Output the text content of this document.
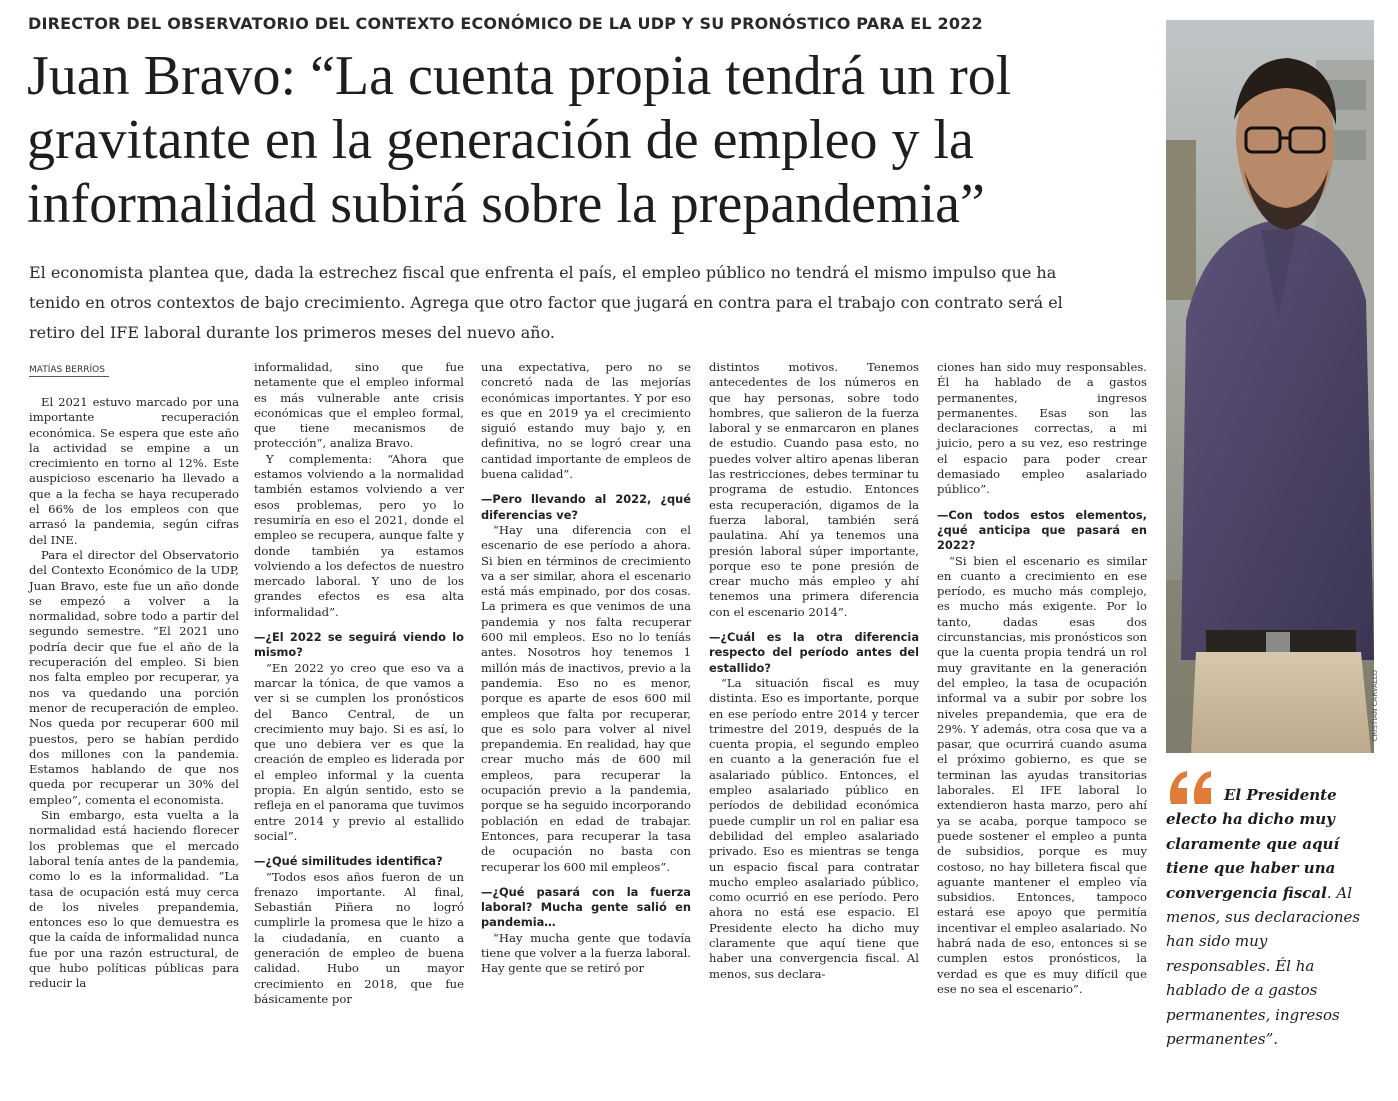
DIRECTOR DEL OBSERVATORIO DEL CONTEXTO ECONÓMICO DE LA UDP Y SU PRONÓSTICO PARA EL 2022
Juan Bravo: “La cuenta propia tendrá un rol
gravitante en la generación de empleo y la
informalidad subirá sobre la prepandemia”

El economista plantea que, dada la estrechez fiscal que enfrenta el país, el empleo público no tendrá el mismo impulso que ha
tenido en otros contextos de bajo crecimiento. Agrega que otro factor que jugará en contra para el trabajo con contrato será el
retiro del IFE laboral durante los primeros meses del nuevo año.

MATÍAS BERRÍOS

El 2021 estuvo marcado por una importante recuperación económica. Se espera que este año la actividad se empine a un crecimiento en torno al 12%. Este auspicioso escenario ha llevado a que a la fecha se haya recuperado el 66% de los empleos con que arrasó la pandemia, según cifras del INE.

Para el director del Observatorio del Contexto Económico de la UDP, Juan Bravo, este fue un año donde se empezó a volver a la normalidad, sobre todo a partir del segundo semestre. “El 2021 uno podría decir que fue el año de la recuperación del empleo. Si bien nos falta empleo por recuperar, ya nos va quedando una porción menor de recuperación de empleo. Nos queda por recuperar 600 mil puestos, pero se habían perdido dos millones con la pandemia. Estamos hablando de que nos queda por recuperar un 30% del empleo”, comenta el economista.

Sin embargo, esta vuelta a la normalidad está haciendo florecer los problemas que el mercado laboral tenía antes de la pandemia, como lo es la informalidad. “La tasa de ocupación está muy cerca de los niveles prepandemia, entonces eso lo que demuestra es que la caída de informalidad nunca fue por una razón estructural, de que hubo políticas públicas para reducir la

informalidad, sino que fue netamente que el empleo informal es más vulnerable ante crisis económicas que el empleo formal, que tiene mecanismos de protección”, analiza Bravo.

Y complementa: “Ahora que estamos volviendo a la normalidad también estamos volviendo a ver esos problemas, pero yo lo resumiría en eso el 2021, donde el empleo se recupera, aunque falte y donde también ya estamos volviendo a los defectos de nuestro mercado laboral. Y uno de los grandes efectos es esa alta informalidad”.

—¿El 2022 se seguirá viendo lo mismo?

“En 2022 yo creo que eso va a marcar la tónica, de que vamos a ver si se cumplen los pronósticos del Banco Central, de un crecimiento muy bajo. Si es así, lo que uno debiera ver es que la creación de empleo es liderada por el empleo informal y la cuenta propia. En algún sentido, esto se refleja en el panorama que tuvimos entre 2014 y previo al estallido social”.

—¿Qué similitudes identifica?

“Todos esos años fueron de un frenazo importante. Al final, Sebastián Piñera no logró cumplirle la promesa que le hizo a la ciudadanía, en cuanto a generación de empleo de buena calidad. Hubo un mayor crecimiento en 2018, que fue básicamente por

una expectativa, pero no se concretó nada de las mejorías económicas importantes. Y por eso es que en 2019 ya el crecimiento siguió estando muy bajo y, en definitiva, no se logró crear una cantidad importante de empleos de buena calidad”.

—Pero llevando al 2022, ¿qué diferencias ve?

“Hay una diferencia con el escenario de ese período a ahora. Si bien en términos de crecimiento va a ser similar, ahora el escenario está más empinado, por dos cosas. La primera es que venimos de una pandemia y nos falta recuperar 600 mil empleos. Eso no lo teníás antes. Nosotros hoy tenemos 1 millón más de inactivos, previo a la pandemia. Eso no es menor, porque es aparte de esos 600 mil empleos que falta por recuperar, que es solo para volver al nivel prepandemia. En realidad, hay que crear mucho más de 600 mil empleos, para recuperar la ocupación previo a la pandemia, porque se ha seguido incorporando población en edad de trabajar. Entonces, para recuperar la tasa de ocupación no basta con recuperar los 600 mil empleos”.

—¿Qué pasará con la fuerza laboral? Mucha gente salió en pandemia…

“Hay mucha gente que todavía tiene que volver a la fuerza laboral. Hay gente que se retiró por

distintos motivos. Tenemos antecedentes de los números en que hay personas, sobre todo hombres, que salieron de la fuerza laboral y se enmarcaron en planes de estudio. Cuando pasa esto, no puedes volver altiro apenas liberan las restricciones, debes terminar tu programa de estudio. Entonces esta recuperación, digamos de la fuerza laboral, también será paulatina. Ahí ya tenemos una presión laboral súper importante, porque eso te pone presión de crear mucho más empleo y ahí tenemos una primera diferencia con el escenario 2014”.

—¿Cuál es la otra diferencia respecto del período antes del estallido?

“La situación fiscal es muy distinta. Eso es importante, porque en ese período entre 2014 y tercer trimestre del 2019, después de la cuenta propia, el segundo empleo en cuanto a la generación fue el asalariado público. Entonces, el empleo asalariado público en períodos de debilidad económica puede cumplir un rol en paliar esa debilidad del empleo asalariado privado. Eso es mientras se tenga un espacio fiscal para contratar mucho empleo asalariado público, como ocurrió en ese período. Pero ahora no está ese espacio. El Presidente electo ha dicho muy claramente que aquí tiene que haber una convergencia fiscal. Al menos, sus declara-

ciones han sido muy responsables. Él ha hablado de a gastos permanentes, ingresos permanentes. Esas son las declaraciones correctas, a mi juicio, pero a su vez, eso restringe el espacio para poder crear demasiado empleo asalariado público”.

—Con todos estos elementos, ¿qué anticipa que pasará en 2022?

“Si bien el escenario es similar en cuanto a crecimiento en ese período, es mucho más complejo, es mucho más exigente. Por lo tanto, dadas esas dos circunstancias, mis pronósticos son que la cuenta propia tendrá un rol muy gravitante en la generación del empleo, la tasa de ocupación informal va a subir por sobre los niveles prepandemia, que era de 29%. Y además, otra cosa que va a pasar, que ocurrirá cuando asuma el próximo gobierno, es que se terminan las ayudas transitorias laborales. El IFE laboral lo extendieron hasta marzo, pero ahí ya se acaba, porque tampoco se puede sostener el empleo a punta de subsidios, porque es muy costoso, no hay billetera fiscal que aguante mantener el empleo vía subsidios. Entonces, tampoco estará ese apoyo que permitía incentivar el empleo asalariado. No habrá nada de eso, entonces si se cumplen estos pronósticos, la verdad es que es muy difícil que ese no sea el escenario”.

CRISTIAN CARVALLO

El Presidente
electo ha dicho muy
claramente que aquí
tiene que haber una
convergencia fiscal. Al
menos, sus declaraciones
han sido muy
responsables. Él ha
hablado de a gastos
permanentes, ingresos
permanentes”.
